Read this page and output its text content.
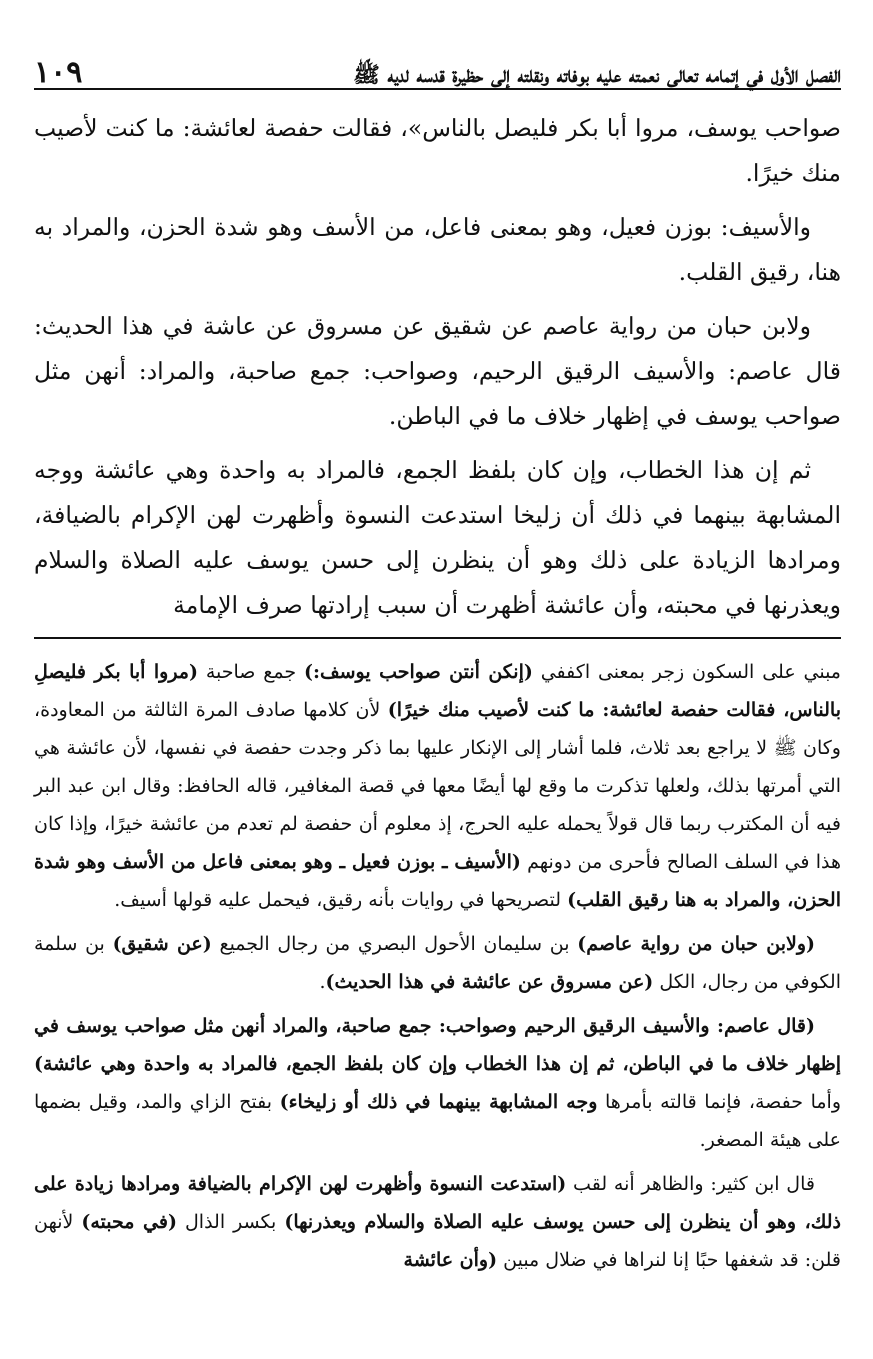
الفصل الأول في إتمامه تعالى نعمته عليه بوفاته ونقلته إلى حظيرة قدسه لديه ﷺ
١٠٩

صواحب يوسف، مروا أبا بكر فليصل بالناس»، فقالت حفصة لعائشة: ما كنت لأصيب منك خيرًا.

والأسيف: بوزن فعيل، وهو بمعنى فاعل، من الأسف وهو شدة الحزن، والمراد به هنا، رقيق القلب.

ولابن حبان من رواية عاصم عن شقيق عن مسروق عن عاشة في هذا الحديث: قال عاصم: والأسيف الرقيق الرحيم، وصواحب: جمع صاحبة، والمراد: أنهن مثل صواحب يوسف في إظهار خلاف ما في الباطن.

ثم إن هذا الخطاب، وإن كان بلفظ الجمع، فالمراد به واحدة وهي عائشة ووجه المشابهة بينهما في ذلك أن زليخا استدعت النسوة وأظهرت لهن الإكرام بالضيافة، ومرادها الزيادة على ذلك وهو أن ينظرن إلى حسن يوسف عليه الصلاة والسلام ويعذرنها في محبته، وأن عائشة أظهرت أن سبب إرادتها صرف الإمامة

مبني على السكون زجر بمعنى اكففي (إنكن أنتن صواحب يوسف:) جمع صاحبة (مروا أبا بكر فليصلِ بالناس، فقالت حفصة لعائشة: ما كنت لأصيب منك خيرًا) لأن كلامها صادف المرة الثالثة من المعاودة، وكان ﷺ لا يراجع بعد ثلاث، فلما أشار إلى الإنكار عليها بما ذكر وجدت حفصة في نفسها، لأن عائشة هي التي أمرتها بذلك، ولعلها تذكرت ما وقع لها أيضًا معها في قصة المغافير، قاله الحافظ: وقال ابن عبد البر فيه أن المكترب ربما قال قولاً يحمله عليه الحرج، إذ معلوم أن حفصة لم تعدم من عائشة خيرًا، وإذا كان هذا في السلف الصالح فأحرى من دونهم (الأسيف ـ بوزن فعيل ـ وهو بمعنى فاعل من الأسف وهو شدة الحزن، والمراد به هنا رقيق القلب) لتصريحها في روايات بأنه رقيق، فيحمل عليه قولها أسيف.

(ولابن حبان من رواية عاصم) بن سليمان الأحول البصري من رجال الجميع (عن شقيق) بن سلمة الكوفي من رجال، الكل (عن مسروق عن عائشة في هذا الحديث).

(قال عاصم: والأسيف الرقيق الرحيم وصواحب: جمع صاحبة، والمراد أنهن مثل صواحب يوسف في إظهار خلاف ما في الباطن، ثم إن هذا الخطاب وإن كان بلفظ الجمع، فالمراد به واحدة وهي عائشة) وأما حفصة، فإنما قالته بأمرها وجه المشابهة بينهما في ذلك أو زليخاء) بفتح الزاي والمد، وقيل بضمها على هيئة المصغر.

قال ابن كثير: والظاهر أنه لقب (استدعت النسوة وأظهرت لهن الإكرام بالضيافة ومرادها زيادة على ذلك، وهو أن ينظرن إلى حسن يوسف عليه الصلاة والسلام ويعذرنها) بكسر الذال (في محبته) لأنهن قلن: قد شغفها حبًا إنا لنراها في ضلال مبين (وأن عائشة
